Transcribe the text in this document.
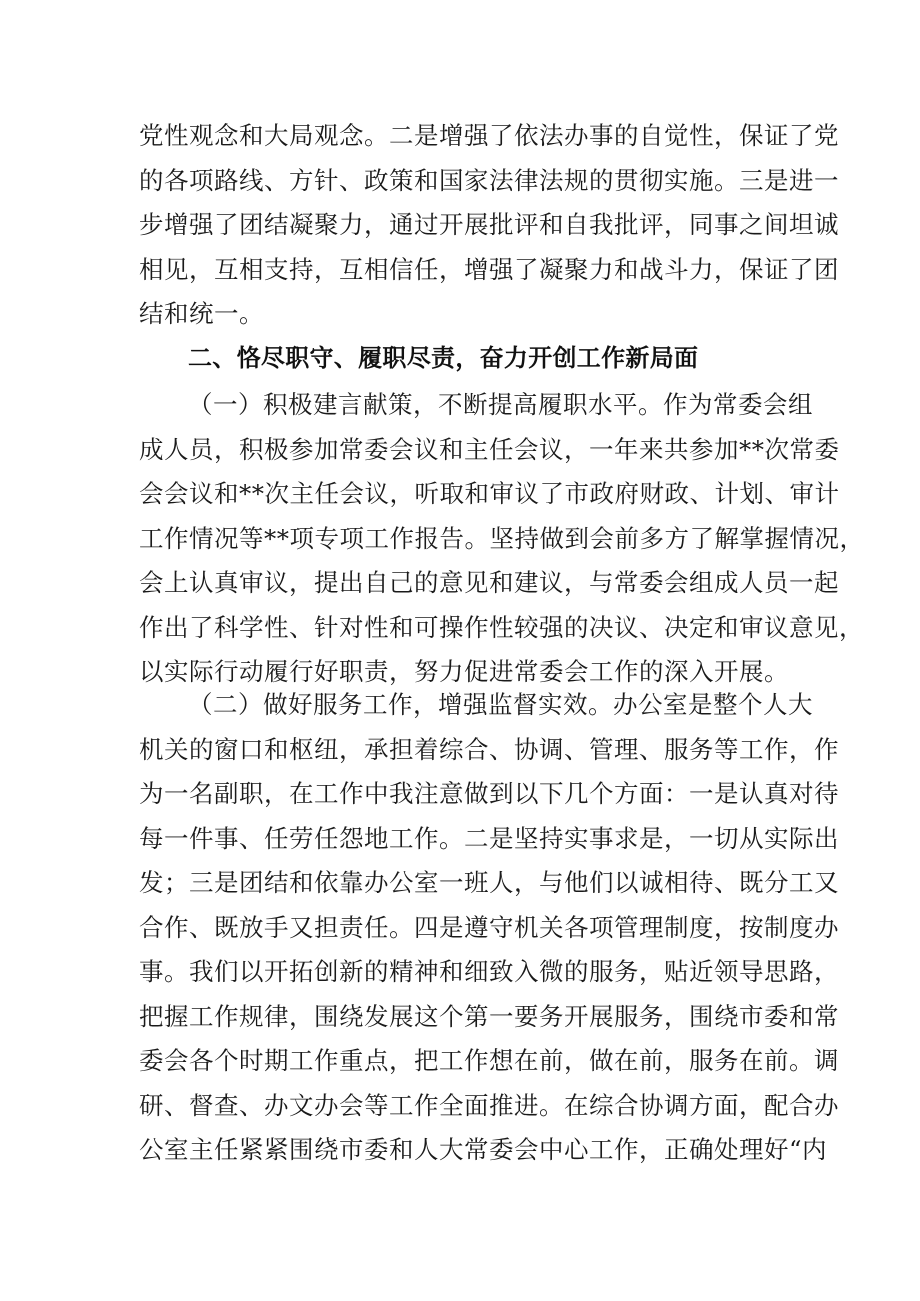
党性观念和大局观念。二是增强了依法办事的自觉性，保证了党
的各项路线、方针、政策和国家法律法规的贯彻实施。三是进一
步增强了团结凝聚力，通过开展批评和自我批评，同事之间坦诚
相见，互相支持，互相信任，增强了凝聚力和战斗力，保证了团
结和统一。

二、恪尽职守、履职尽责，奋力开创工作新局面

（一）积极建言献策，不断提高履职水平。作为常委会组
成人员，积极参加常委会议和主任会议，一年来共参加**次常委
会会议和**次主任会议，听取和审议了市政府财政、计划、审计
工作情况等**项专项工作报告。坚持做到会前多方了解掌握情况，
会上认真审议，提出自己的意见和建议，与常委会组成人员一起
作出了科学性、针对性和可操作性较强的决议、决定和审议意见，
以实际行动履行好职责，努力促进常委会工作的深入开展。

（二）做好服务工作，增强监督实效。办公室是整个人大
机关的窗口和枢纽，承担着综合、协调、管理、服务等工作，作
为一名副职，在工作中我注意做到以下几个方面：一是认真对待
每一件事、任劳任怨地工作。二是坚持实事求是，一切从实际出
发；三是团结和依靠办公室一班人，与他们以诚相待、既分工又
合作、既放手又担责任。四是遵守机关各项管理制度，按制度办
事。我们以开拓创新的精神和细致入微的服务，贴近领导思路，
把握工作规律，围绕发展这个第一要务开展服务，围绕市委和常
委会各个时期工作重点，把工作想在前，做在前，服务在前。调
研、督查、办文办会等工作全面推进。在综合协调方面，配合办
公室主任紧紧围绕市委和人大常委会中心工作，正确处理好“内
